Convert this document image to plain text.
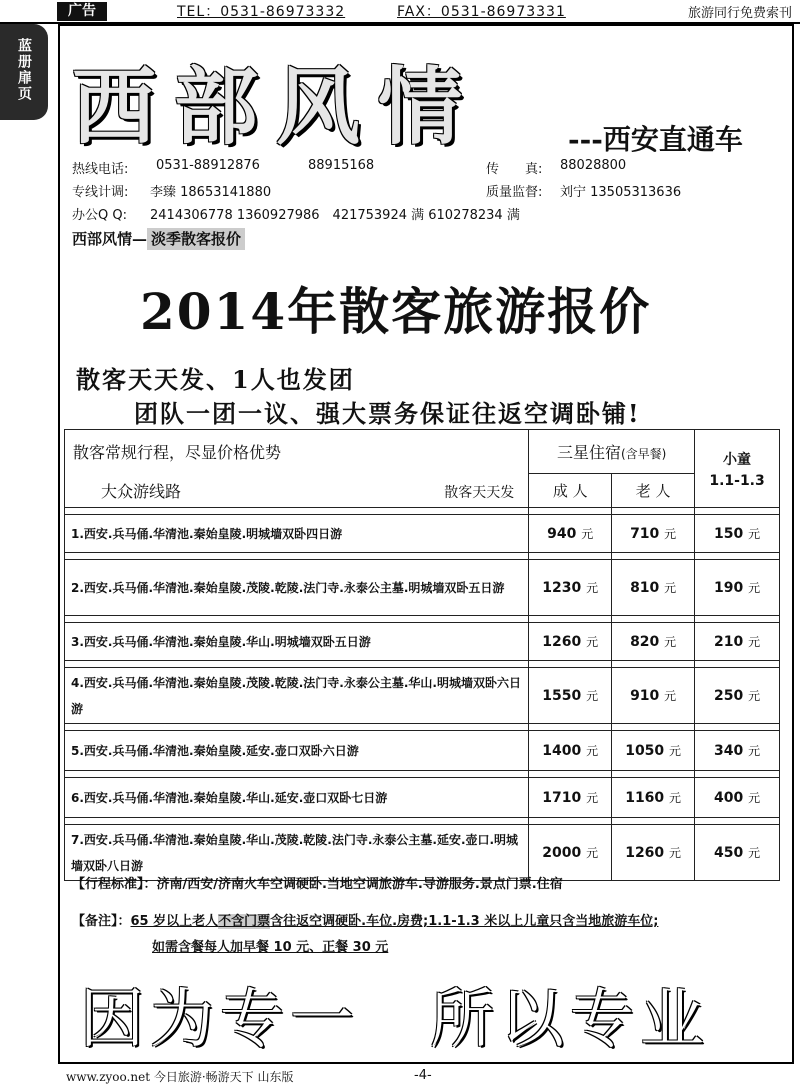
广告	TEL：0531-86973332	FAX：0531-86973331	旅游同行免费索刊
蓝册扉页 西部风情	---西安直通车
热线电话: 0531-88912876	88915168	传　　真: 88028800
专线计调: 李臻 18653141880	质量监督: 刘宁 13505313636
办公Q Q: 2414306778 1360927986　421753924 满 610278234 满
西部风情— 淡季散客报价
2014年散客旅游报价
散客天天发、1人也发团
团队一团一议、强大票务保证往返空调卧铺!
散客常规行程，尽显价格优势	三星住宿(含早餐)		小童
1.1-1.3

大众游线路 散客天天发	成 人	老 人	

1.西安.兵马俑.华清池.秦始皇陵.明城墙双卧四日游	940 元	710 元	150 元

2.西安.兵马俑.华清池.秦始皇陵.茂陵.乾陵.法门寺.永泰公主墓.明城墙双卧五日游	1230 元	810 元	190 元

3.西安.兵马俑.华清池.秦始皇陵.华山.明城墙双卧五日游	1260 元	820 元	210 元

4.西安.兵马俑.华清池.秦始皇陵.茂陵.乾陵.法门寺.永泰公主墓.华山.明城墙双卧六日游	1550 元	910 元	250 元

5.西安.兵马俑.华清池.秦始皇陵.延安.壶口双卧六日游	1400 元	1050 元	340 元

6.西安.兵马俑.华清池.秦始皇陵.华山.延安.壶口双卧七日游	1710 元	1160 元	400 元

7.西安.兵马俑.华清池.秦始皇陵.华山.茂陵.乾陵.法门寺.永泰公主墓.延安.壶口.明城墙双卧八日游	2000 元	1260 元	450 元
【行程标准】：济南/西安/济南火车空调硬卧.当地空调旅游车.导游服务.景点门票.住宿
【备注】：65 岁以上老人不含门票含往返空调硬卧.车位.房费;1.1-1.3 米以上儿童只含当地旅游车位;
如需含餐每人加早餐 10 元、正餐 30 元
因为专一　所以专业
www.zyoo.net 今日旅游·畅游天下 山东版	-4-
